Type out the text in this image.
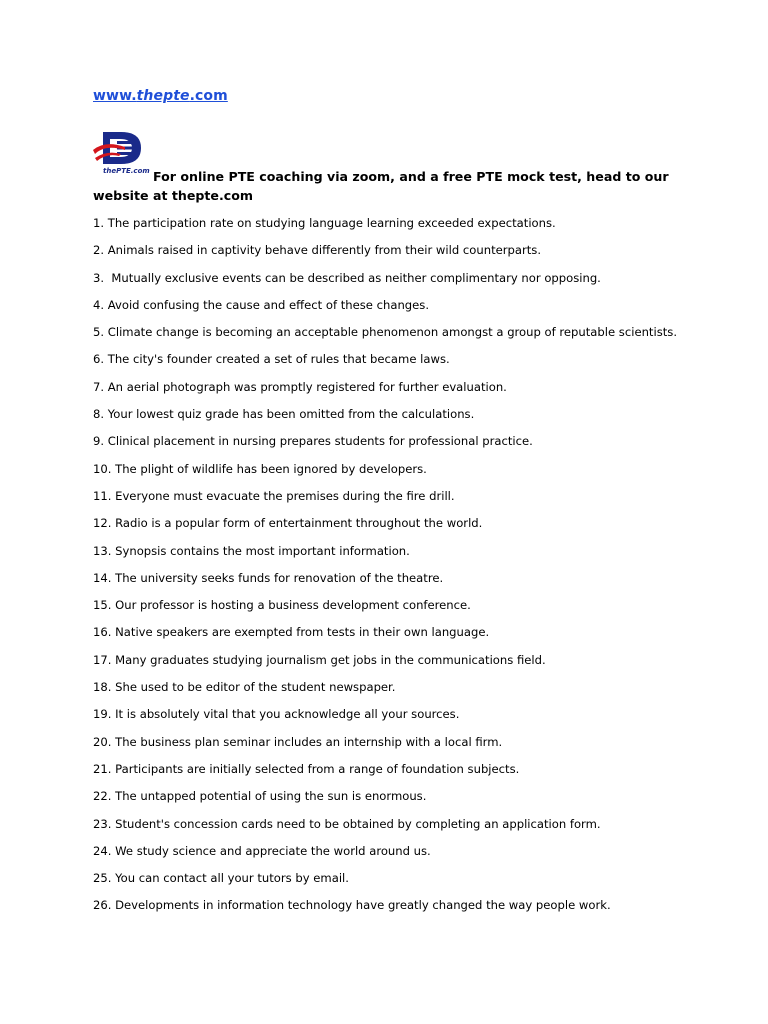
www.thepte.com
thePTE.com For online PTE coaching via zoom, and a free PTE mock test, head to our website at thepte.com

1. The participation rate on studying language learning exceeded expectations.
2. Animals raised in captivity behave differently from their wild counterparts.
3.  Mutually exclusive events can be described as neither complimentary nor opposing.
4. Avoid confusing the cause and effect of these changes.
5. Climate change is becoming an acceptable phenomenon amongst a group of reputable scientists.
6. The city's founder created a set of rules that became laws.
7. An aerial photograph was promptly registered for further evaluation.
8. Your lowest quiz grade has been omitted from the calculations.
9. Clinical placement in nursing prepares students for professional practice.
10. The plight of wildlife has been ignored by developers.
11. Everyone must evacuate the premises during the fire drill.
12. Radio is a popular form of entertainment throughout the world.
13. Synopsis contains the most important information.
14. The university seeks funds for renovation of the theatre.
15. Our professor is hosting a business development conference.
16. Native speakers are exempted from tests in their own language.
17. Many graduates studying journalism get jobs in the communications field.
18. She used to be editor of the student newspaper.
19. It is absolutely vital that you acknowledge all your sources.
20. The business plan seminar includes an internship with a local firm.
21. Participants are initially selected from a range of foundation subjects.
22. The untapped potential of using the sun is enormous.
23. Student's concession cards need to be obtained by completing an application form.
24. We study science and appreciate the world around us.
25. You can contact all your tutors by email.
26. Developments in information technology have greatly changed the way people work.
